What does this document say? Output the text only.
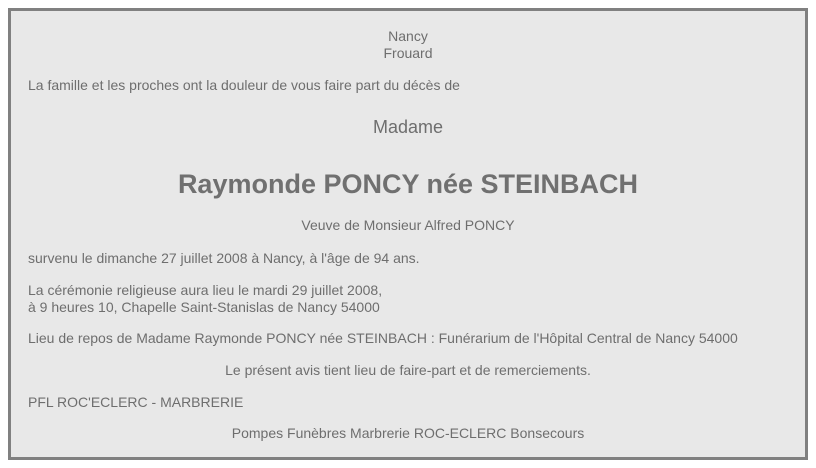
Nancy
Frouard
La famille et les proches ont la douleur de vous faire part du décès de
Madame
Raymonde PONCY née STEINBACH
Veuve de Monsieur Alfred PONCY
survenu le dimanche 27 juillet 2008 à Nancy, à l'âge de 94 ans.
La cérémonie religieuse aura lieu le mardi 29 juillet 2008,
à 9 heures 10, Chapelle Saint-Stanislas de Nancy 54000
Lieu de repos de Madame Raymonde PONCY née STEINBACH : Funérarium de l'Hôpital Central de Nancy 54000
Le présent avis tient lieu de faire-part et de remerciements.
PFL ROC'ECLERC - MARBRERIE
Pompes Funèbres Marbrerie ROC-ECLERC Bonsecours
